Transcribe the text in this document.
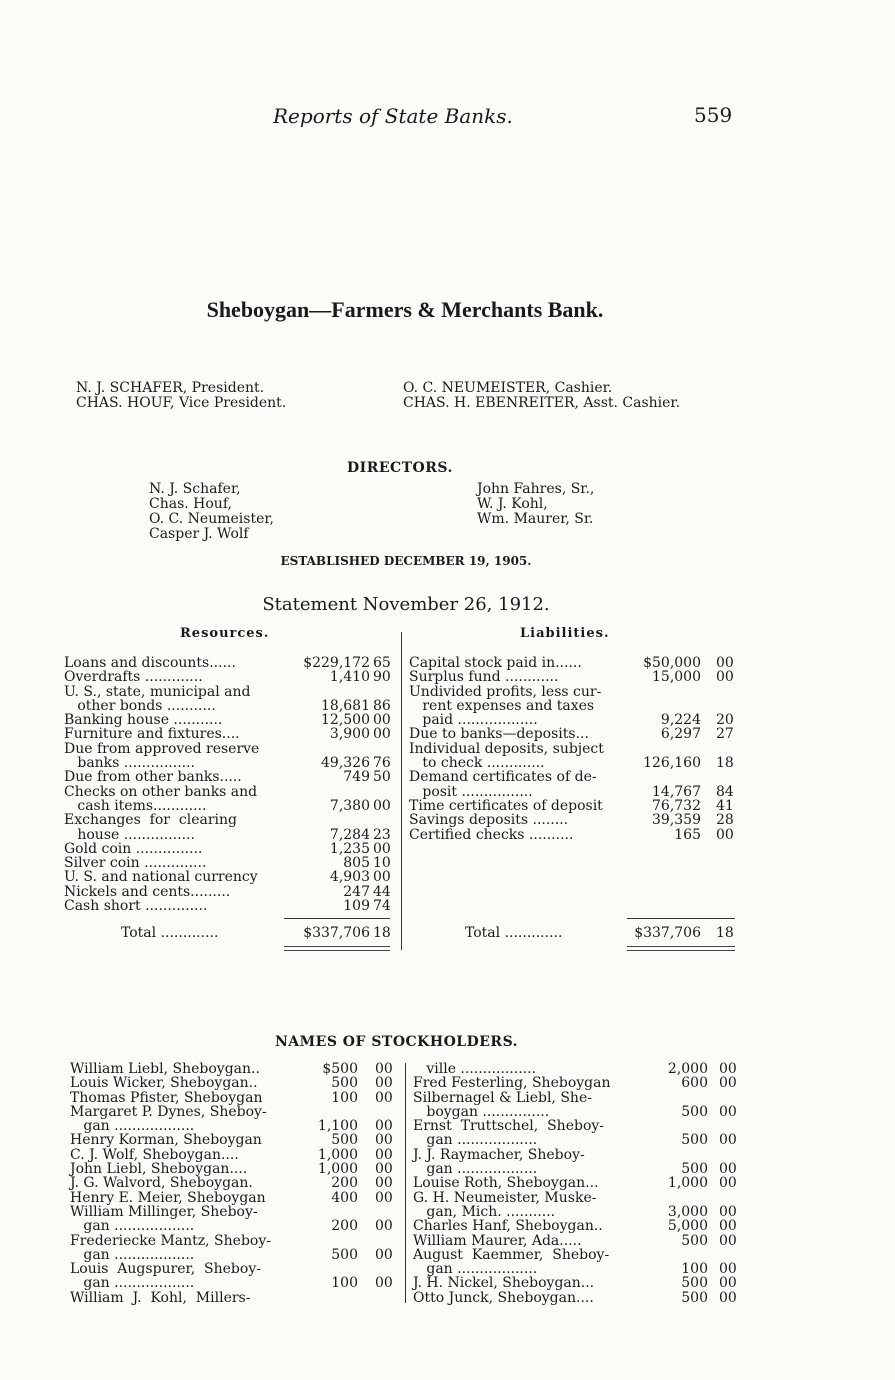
Reports of State Banks.	559
Sheboygan—Farmers & Merchants Bank.
N. J. SCHAFER, President.
CHAS. HOUF, Vice President.
O. C. NEUMEISTER, Cashier.
CHAS. H. EBENREITER, Asst. Cashier.
DIRECTORS.
N. J. Schafer,
Chas. Houf,
O. C. Neumeister,
Casper J. Wolf
John Fahres, Sr.,
W. J. Kohl,
Wm. Maurer, Sr.
ESTABLISHED DECEMBER 19, 1905.
Statement November 26, 1912.
Resources.	Liabilities.
Loans and discounts......	$229,172 65
Overdrafts .............	1,410 90
U. S., state, municipal and
other bonds ...........	18,681 86
Banking house ...........	12,500 00
Furniture and fixtures....	3,900 00
Due from approved reserve
banks ................	49,326 76
Due from other banks.....	749 50
Checks on other banks and
cash items............	7,380 00
Exchanges  for  clearing
house ................	7,284 23
Gold coin ...............	1,235 00
Silver coin ..............	805 10
U. S. and national currency	4,903 00
Nickels and cents.........	247 44
Cash short ..............	109 74
Capital stock paid in......	$50,000 00
Surplus fund ............	15,000 00
Undivided profits, less cur-
rent expenses and taxes
paid ..................	9,224 20
Due to banks—deposits...	6,297 27
Individual deposits, subject
to check .............	126,160 18
Demand certificates of de-
posit ................	14,767 84
Time certificates of deposit	76,732 41
Savings deposits ........	39,359 28
Certified checks ..........	165 00
Total .............	$337,706 18	Total .............	$337,706 18
NAMES OF STOCKHOLDERS.
William Liebl, Sheboygan..	$500 00
Louis Wicker, Sheboygan..	500 00
Thomas Pfister, Sheboygan	100 00
Margaret P. Dynes, Sheboy-
gan ..................	1,100 00
Henry Korman, Sheboygan	500 00
C. J. Wolf, Sheboygan....	1,000 00
John Liebl, Sheboygan....	1,000 00
J. G. Walvord, Sheboygan.	200 00
Henry E. Meier, Sheboygan	400 00
William Millinger, Sheboy-
gan ..................	200 00
Frederiecke Mantz, Sheboy-
gan ..................	500 00
Louis  Augspurer,  Sheboy-
gan ..................	100 00
William  J.  Kohl,  Millers-
ville .................	2,000 00
Fred Festerling, Sheboygan	600 00
Silbernagel & Liebl, She-
boygan ...............	500 00
Ernst  Truttschel,  Sheboy-
gan ..................	500 00
J. J. Raymacher, Sheboy-
gan ..................	500 00
Louise Roth, Sheboygan...	1,000 00
G. H. Neumeister, Muske-
gan, Mich. ...........	3,000 00
Charles Hanf, Sheboygan..	5,000 00
William Maurer, Ada.....	500 00
August  Kaemmer,  Sheboy-
gan ..................	100 00
J. H. Nickel, Sheboygan...	500 00
Otto Junck, Sheboygan....	500 00
